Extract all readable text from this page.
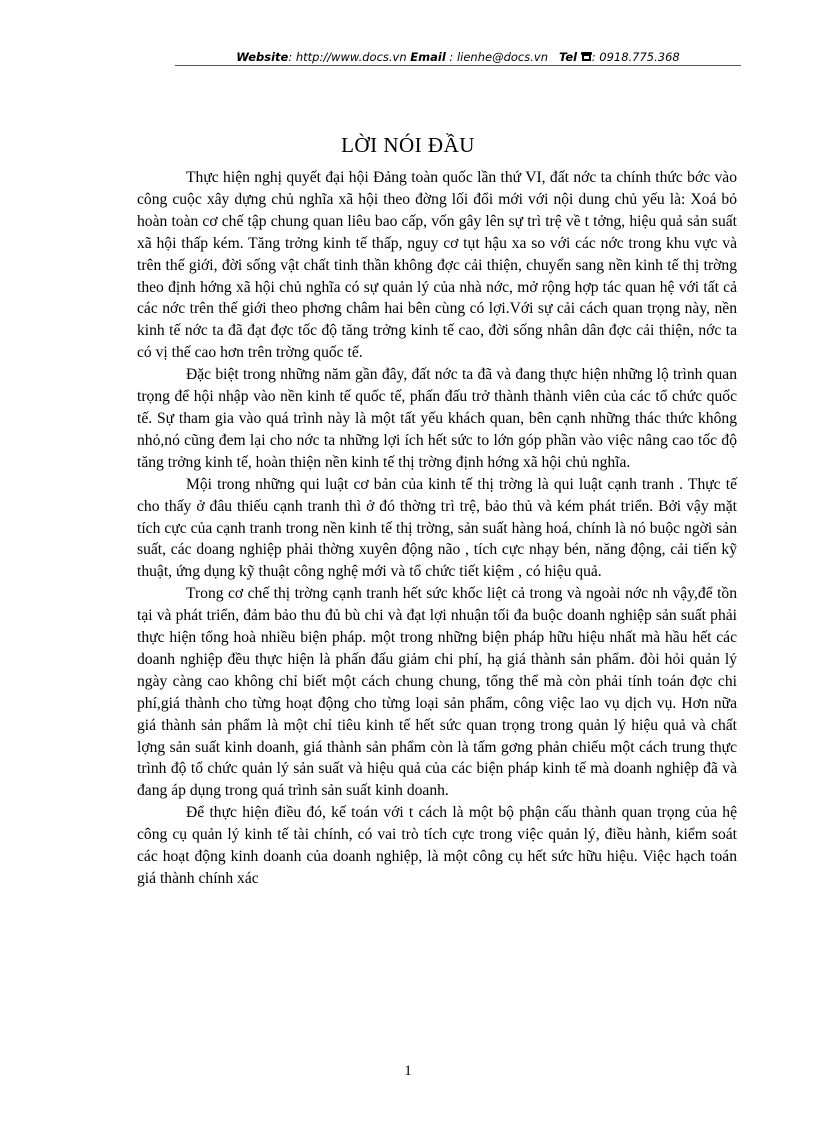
Website: http://www.docs.vn Email : lienhe@docs.vn Tel : 0918.775.368
LỜI NÓI ĐẦU

Thực hiện nghị quyết đại hội Đảng toàn quốc lần thứ VI, đất nớc ta chính thức bớc vào công cuộc xây dựng chủ nghĩa xã hội theo đờng lối đổi mới với nội dung chủ yếu là: Xoá bỏ hoàn toàn cơ chế tập chung quan liêu bao cấp, vốn gây lên sự trì trệ về t tởng, hiệu quả sản suất xã hội thấp kém. Tăng trởng kinh tế thấp, nguy cơ tụt hậu xa so với các nớc trong khu vực và trên thế giới, đời sống vật chất tinh thần không đợc cải thiện, chuyển sang nền kinh tế thị trờng theo định hớng xã hội chủ nghĩa có sự quản lý của nhà nớc, mở rộng hợp tác quan hệ với tất cả các nớc trên thế giới theo phơng châm hai bên cùng có lợi.Với sự cải cách quan trọng này, nền kinh tế nớc ta đã đạt đợc tốc độ tăng trởng kinh tế cao, đời sống nhân dân đợc cải thiện, nớc ta có vị thế cao hơn trên trờng quốc tế.

Đặc biệt trong những năm gần đây, đất nớc ta đã và đang thực hiện những lộ trình quan trọng để hội nhập vào nền kinh tế quốc tế, phấn đấu trở thành thành viên của các tổ chức quốc tế. Sự tham gia vào quá trình này là một tất yếu khách quan, bên cạnh những thác thức không nhỏ,nó cũng đem lại cho nớc ta những lợi ích hết sức to lớn góp phần vào việc nâng cao tốc độ tăng trởng kinh tế, hoàn thiện nền kinh tế thị trờng định hớng xã hội chủ nghĩa.

Mội trong những qui luật cơ bản của kinh tế thị trờng là qui luật cạnh tranh . Thực tế cho thấy ở đâu thiếu cạnh tranh thì ở đó thờng trì trệ, bảo thủ và kém phát triển. Bởi vậy mặt tích cực của cạnh tranh trong nền kinh tế thị trờng, sản suất hàng hoá, chính là nó buộc ngời sản suất, các doang nghiệp phải thờng xuyên động não , tích cực nhạy bén, năng động, cải tiến kỹ thuật, ứng dụng kỹ thuật công nghệ mới và tổ chức tiết kiệm , có hiệu quả.

Trong cơ chế thị trờng cạnh tranh hết sức khốc liệt cả trong và ngoài nớc nh vậy,để tồn tại và phát triển, đảm bảo thu đủ bù chi và đạt lợi nhuận tối đa buộc doanh nghiệp sản suất phải thực hiện tổng hoà nhiều biện pháp. một trong những biện pháp hữu hiệu nhất mà hầu hết các doanh nghiệp đều thực hiện là phấn đấu giảm chi phí, hạ giá thành sản phẩm. đòi hỏi quản lý ngày càng cao không chỉ biết một cách chung chung, tổng thể mà còn phải tính toán đợc chi phí,giá thành cho từng hoạt động cho từng loại sản phẩm, công việc lao vụ dịch vụ. Hơn nữa giá thành sản phẩm là một chỉ tiêu kinh tế hết sức quan trọng trong quản lý hiệu quả và chất lợng sản suất kinh doanh, giá thành sản phẩm còn là tấm gơng phản chiếu một cách trung thực trình độ tổ chức quản lý sản suất và hiệu quả của các biện pháp kinh tế mà doanh nghiệp đã và đang áp dụng trong quá trình sản suất kinh doanh.

Để thực hiện điều đó, kế toán với t cách là một bộ phận cấu thành quan trọng của hệ công cụ quản lý kinh tế tài chính, có vai trò tích cực trong việc quản lý, điều hành, kiểm soát các hoạt động kinh doanh của doanh nghiệp, là một công cụ hết sức hữu hiệu. Việc hạch toán giá thành chính xác

1
